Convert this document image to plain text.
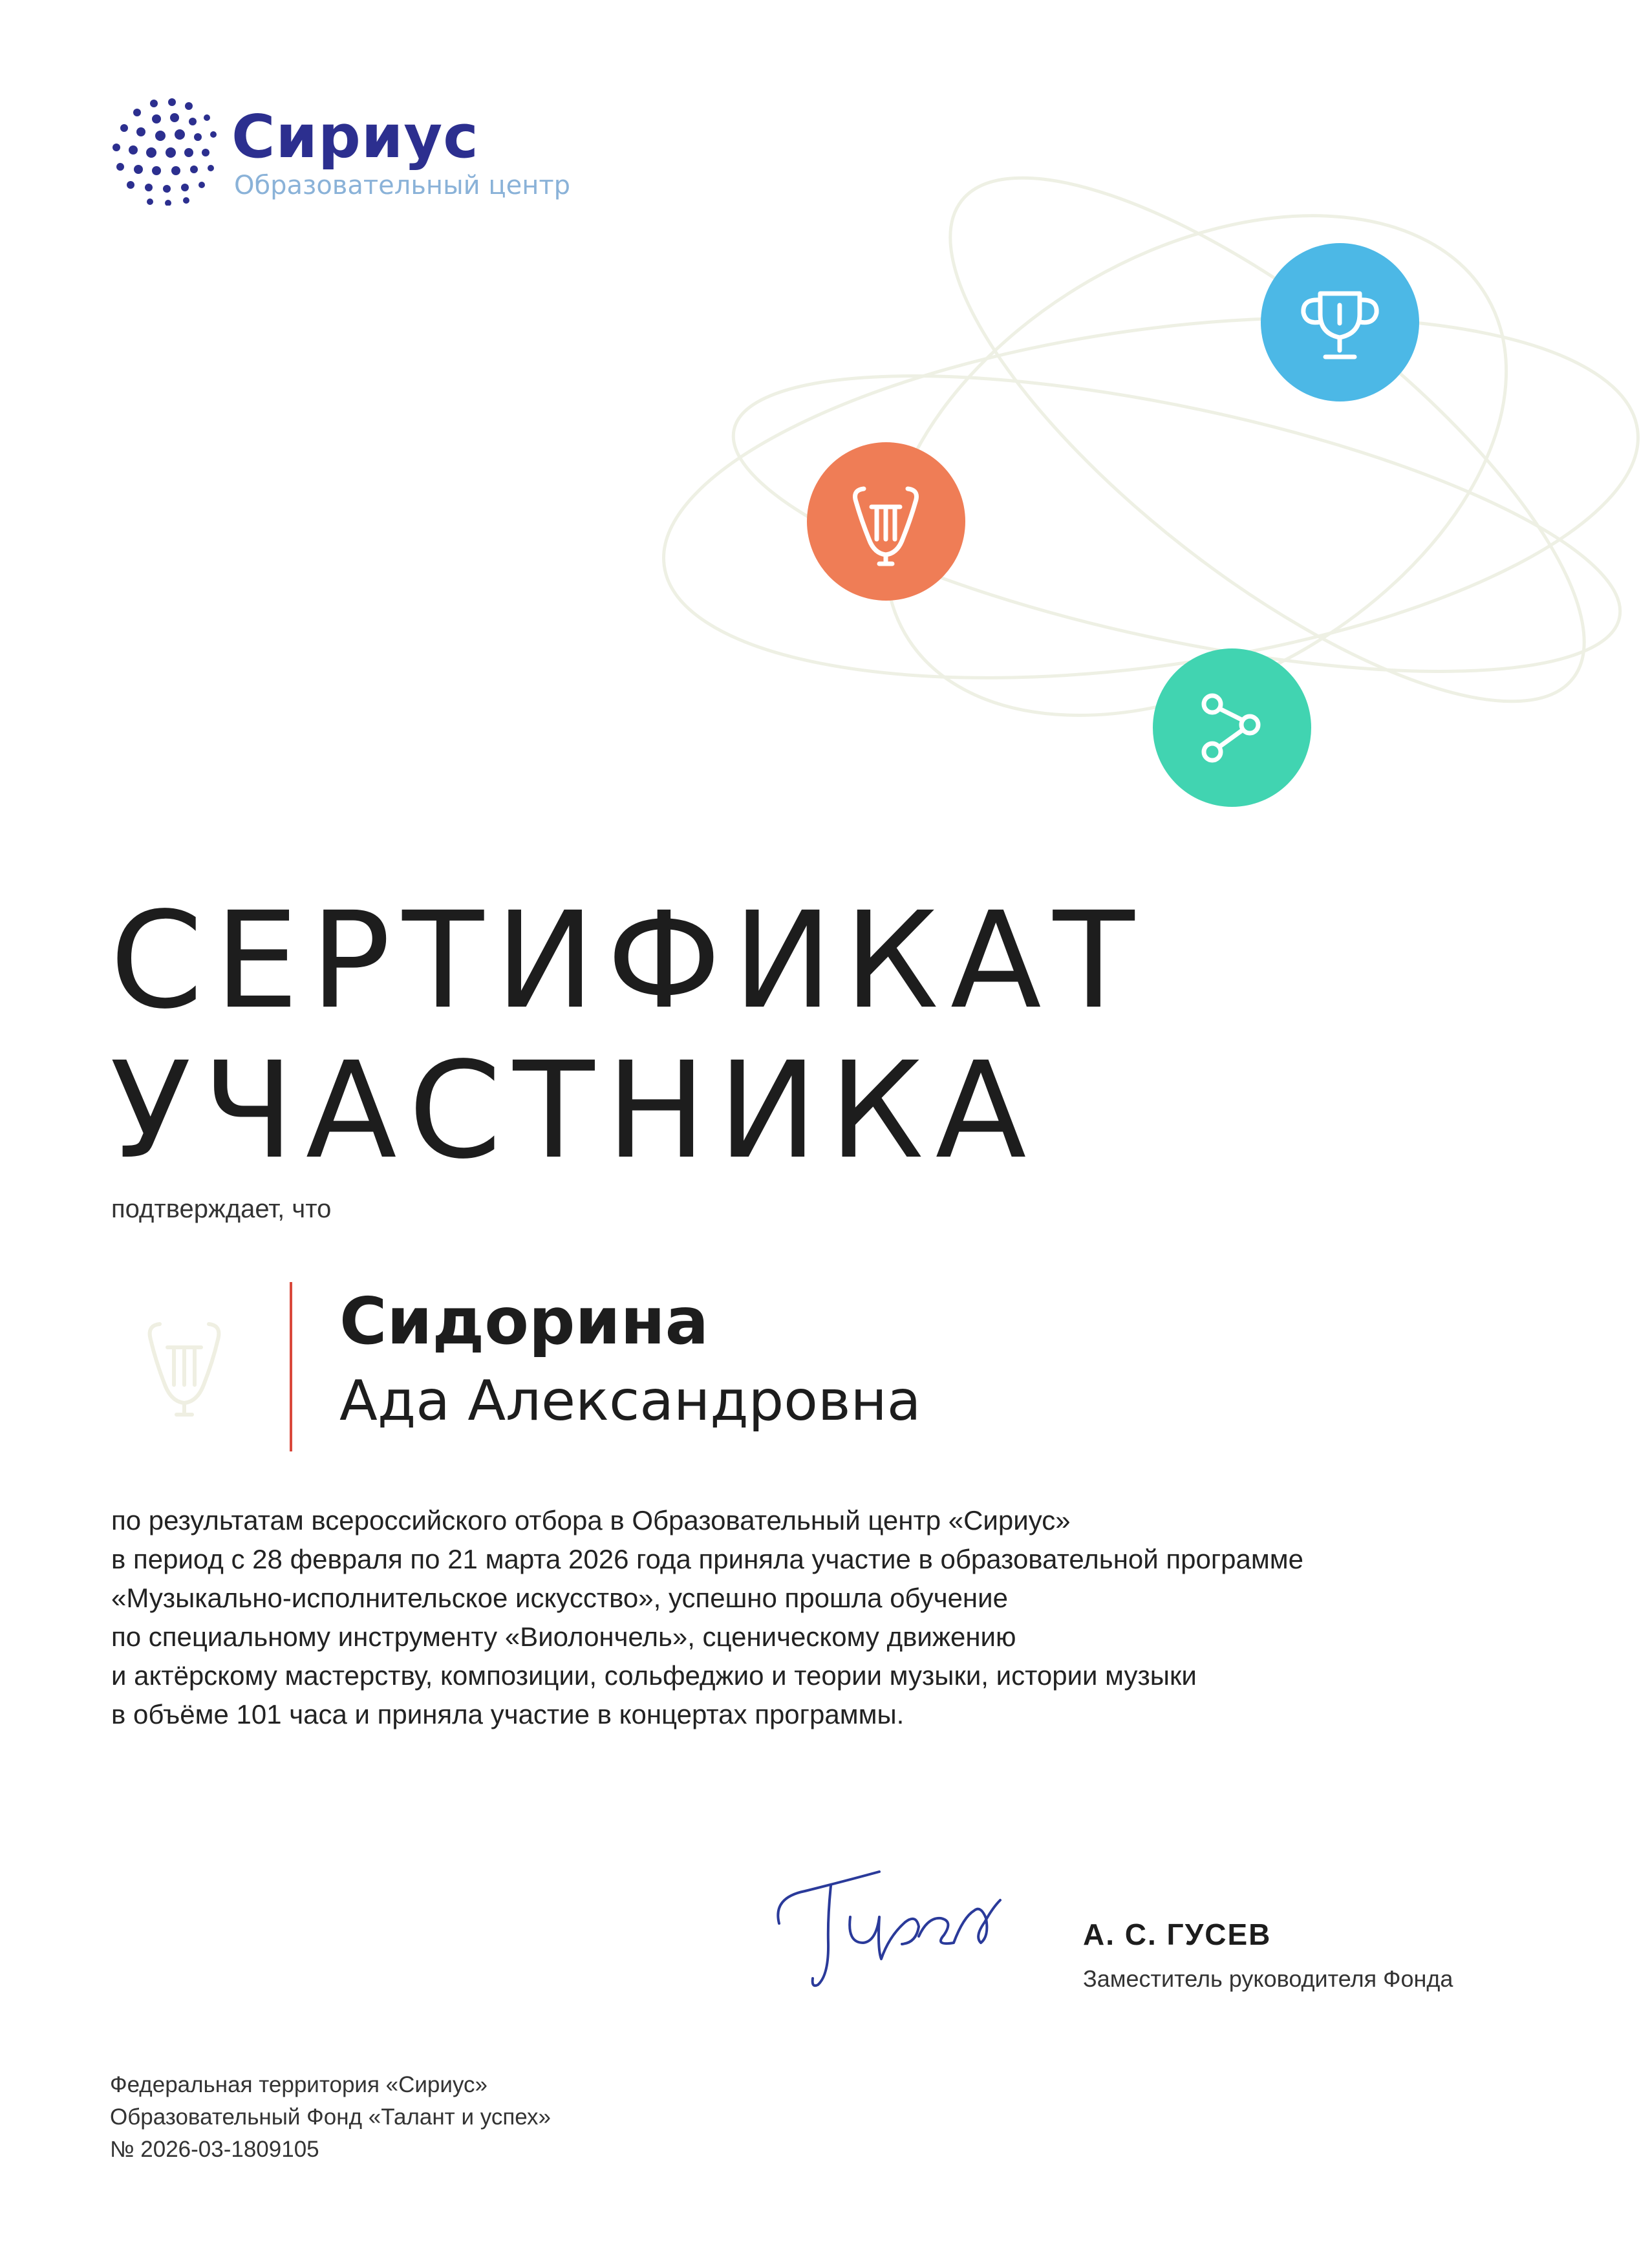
Сириус
Образовательный центр
СЕРТИФИКАТ
УЧАСТНИКА
подтверждает, что
Сидорина
Ада Александровна
по результатам всероссийского отбора в Образовательный центр «Сириус»
в период с 28 февраля по 21 марта 2026 года приняла участие в образовательной программе
«Музыкально-исполнительское искусство», успешно прошла обучение
по специальному инструменту «Виолончель», сценическому движению
и актёрскому мастерству, композиции, сольфеджио и теории музыки, истории музыки
в объёме 101 часа и приняла участие в концертах программы.
А. С. ГУСЕВ
Заместитель руководителя Фонда
Федеральная территория «Сириус»
Образовательный Фонд «Талант и успех»
№ 2026-03-1809105
